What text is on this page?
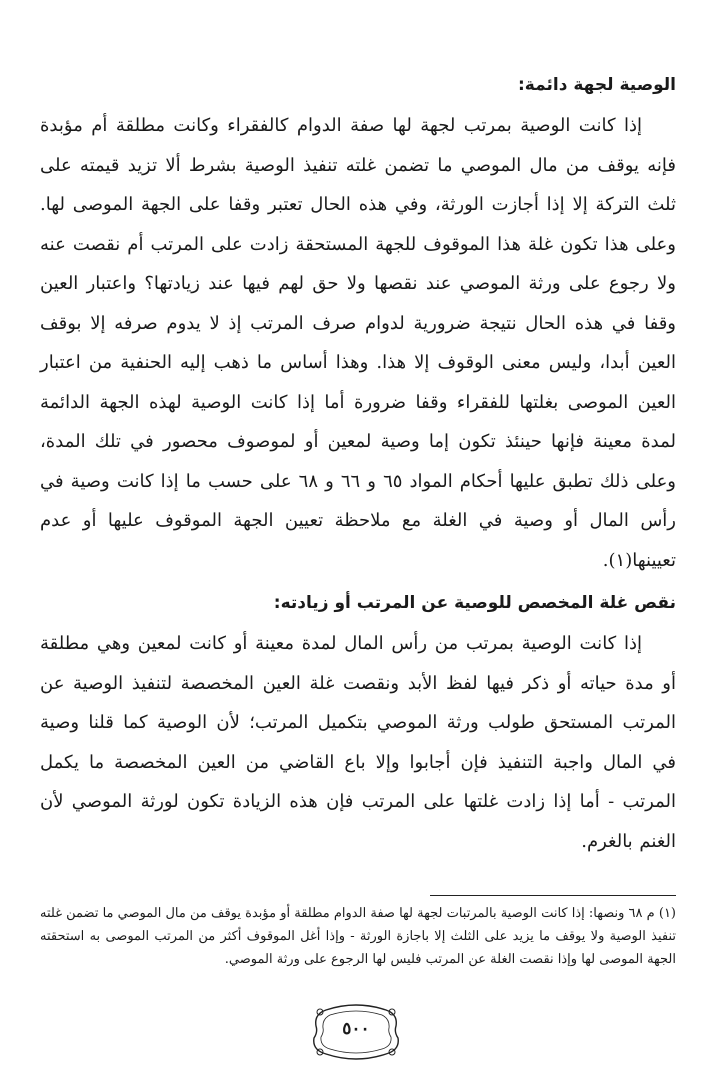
الوصية لجهة دائمة:

إذا كانت الوصية بمرتب لجهة لها صفة الدوام كالفقراء وكانت مطلقة أم مؤبدة فإنه يوقف من مال الموصي ما تضمن غلته تنفيذ الوصية بشرط ألا تزيد قيمته على ثلث التركة إلا إذا أجازت الورثة، وفي هذه الحال تعتبر وقفا على الجهة الموصى لها. وعلى هذا تكون غلة هذا الموقوف للجهة المستحقة زادت على المرتب أم نقصت عنه ولا رجوع على ورثة الموصي عند نقصها ولا حق لهم فيها عند زيادتها؟ واعتبار العين وقفا في هذه الحال نتيجة ضرورية لدوام صرف المرتب إذ لا يدوم صرفه إلا بوقف العين أبدا، وليس معنى الوقوف إلا هذا. وهذا أساس ما ذهب إليه الحنفية من اعتبار العين الموصى بغلتها للفقراء وقفا ضرورة أما إذا كانت الوصية لهذه الجهة الدائمة لمدة معينة فإنها حينئذ تكون إما وصية لمعين أو لموصوف محصور في تلك المدة، وعلى ذلك تطبق عليها أحكام المواد ٦٥ و ٦٦ و ٦٨ على حسب ما إذا كانت وصية في رأس المال أو وصية في الغلة مع ملاحظة تعيين الجهة الموقوف عليها أو عدم تعيينها(١).

نقص غلة المخصص للوصية عن المرتب أو زيادته:

إذا كانت الوصية بمرتب من رأس المال لمدة معينة أو كانت لمعين وهي مطلقة أو مدة حياته أو ذكر فيها لفظ الأبد ونقصت غلة العين المخصصة لتنفيذ الوصية عن المرتب المستحق طولب ورثة الموصي بتكميل المرتب؛ لأن الوصية كما قلنا وصية في المال واجبة التنفيذ فإن أجابوا وإلا باع القاضي من العين المخصصة ما يكمل المرتب - أما إذا زادت غلتها على المرتب فإن هذه الزيادة تكون لورثة الموصي لأن الغنم بالغرم.

(١) م ٦٨ ونصها: إذا كانت الوصية بالمرتبات لجهة لها صفة الدوام مطلقة أو مؤبدة يوقف من مال الموصي ما تضمن غلته تنفيذ الوصية ولا يوقف ما يزيد على الثلث إلا باجازة الورثة - وإذا أغل الموقوف أكثر من المرتب الموصى به استحقته الجهة الموصى لها وإذا نقصت الغلة عن المرتب فليس لها الرجوع على ورثة الموصي.

٥٠٠
